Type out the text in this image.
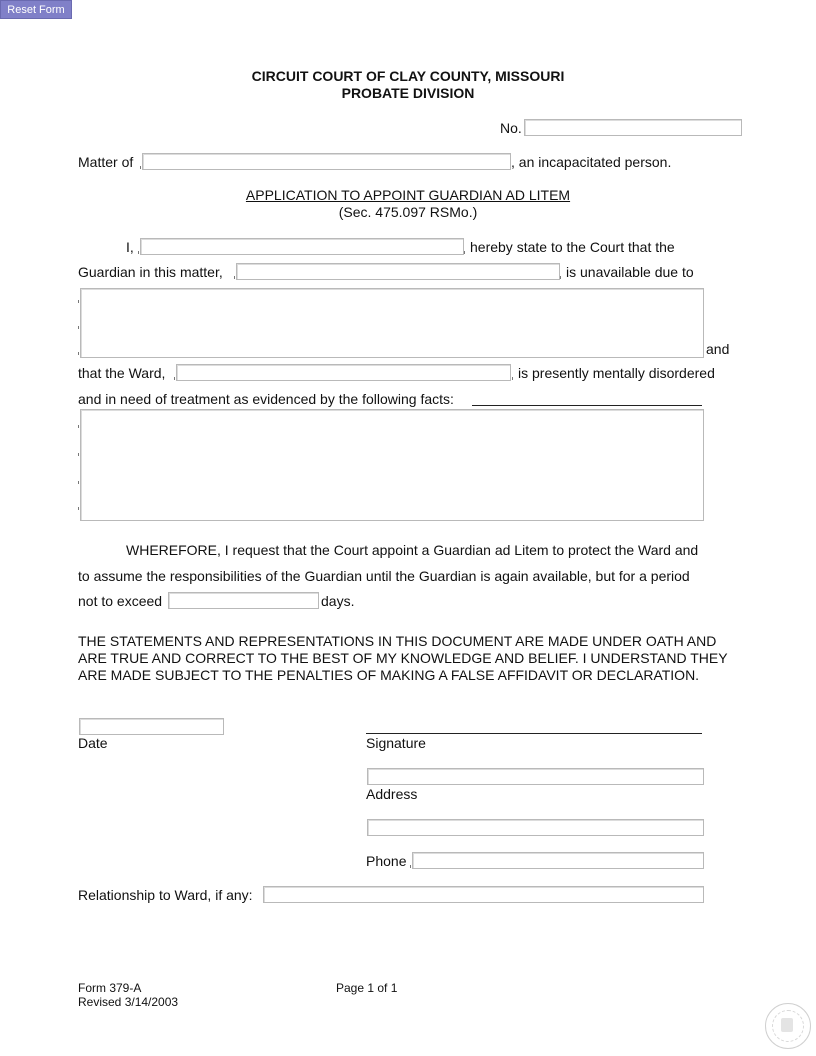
Reset Form
CIRCUIT COURT OF CLAY COUNTY, MISSOURI
PROBATE DIVISION
No.
Matter of	, an incapacitated person.
APPLICATION TO APPOINT GUARDIAN AD LITEM
(Sec. 475.097 RSMo.)
I,	hereby state to the Court that the
Guardian in this matter,	is unavailable due to
and
that the Ward,	is presently mentally disordered
and in need of treatment as evidenced by the following facts:
WHEREFORE, I request that the Court appoint a Guardian ad Litem to protect the Ward and
to assume the responsibilities of the Guardian until the Guardian is again available, but for a period
not to exceed	days.
THE STATEMENTS AND REPRESENTATIONS IN THIS DOCUMENT ARE MADE UNDER OATH AND ARE TRUE AND CORRECT TO THE BEST OF MY KNOWLEDGE AND BELIEF. I UNDERSTAND THEY ARE MADE SUBJECT TO THE PENALTIES OF MAKING A FALSE AFFIDAVIT OR DECLARATION.
Date	Signature
Address
Phone
Relationship to Ward, if any:
Form 379-A
Revised 3/14/2003
Page 1 of 1
